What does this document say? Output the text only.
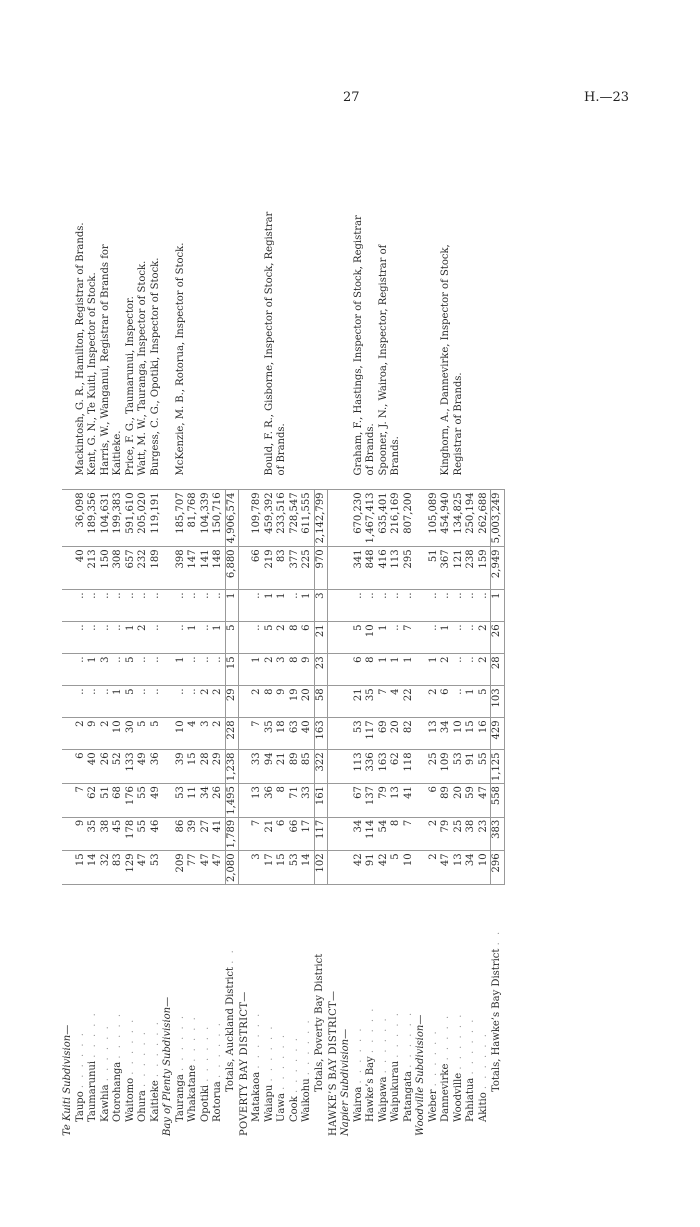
27	H.—23
Te Kuiti Subdivision—												
Taupo . . . . . .	15	9	7	6	2	..	..	..	..	40	36,098	Mackintosh, G. R., Hamilton, Registrar of Brands.
Taumarunui . . . . .	14	35	62	40	9	..	1	..	..	213	189,356	Kent, G. N., Te Kuiti, Inspector of Stock.
Kawhia . . . . . .	32	38	51	26	2	..	3	..	..	150	104,631	Harris, W., Wanganui, Registrar of Brands for
Otorohanga . . . . .	83	45	68	52	10	1	..	..	..	308	199,383	Kaitieke.
Waitomo . . . . . .	129	178	176	133	30	5	5	1	..	657	591,610	Price, F. G., Taumarunui, Inspector.
Ohura . . . . . .	47	55	55	49	5	..	..	2	..	232	205,020	Watt, M. W., Tauranga, Inspector of Stock.
Kaitieke . . . . . .	53	46	49	36	5	..	..	..	..	189	119,191	Burgess, C. G., Opotiki, Inspector of Stock.
Bay of Plenty Subdivision—												
Tauranga . . . . . .	209	86	53	39	10	..	1	..	..	398	185,707	McKenzie, M. B., Rotorua, Inspector of Stock.
Whakatane . . . . .	77	39	11	15	4	..	..	1	..	147	81,768	
Opotiki . . . . . .	47	27	34	28	3	2	..	..	..	141	104,339	
Rotorua . . . . . .	47	41	26	29	2	2	..	1	..	148	150,716	
Totals, Auckland District . .	2,080	1,789	1,495	1,238	228	29	15	5	1	6,880	4,906,574	
POVERTY BAY DISTRICT—												
Matakaoa . . . . . .	3	7	13	33	7	2	1	..	..	66	109,789	
Waiapu . . . . . .	17	21	36	94	35	8	2	5	1	219	459,392	Bould, F. R., Gisborne, Inspector of Stock, Registrar
Uawa . . . . . .	15	6	8	21	18	9	3	2	1	83	233,516	of Brands.
Cook . . . . . .	53	66	71	89	63	19	8	8	..	377	728,547	
Waikohu . . . . . .	14	17	33	85	40	20	9	6	1	225	611,555	
Totals, Poverty Bay District	102	117	161	322	163	58	23	21	3	970	2,142,799	
HAWKE’S BAY DISTRICT—												
Napier Subdivision—												
Wairoa . . . . . .	42	34	67	113	53	21	6	5	..	341	670,230	Graham, F., Hastings, Inspector of Stock, Registrar
Hawke’s Bay . . . . .	91	114	137	336	117	35	8	10	..	848	1,467,413	of Brands.
Waipawa . . . . . .	42	54	79	163	69	7	1	1	..	416	635,401	Spooner, J. N., Wairoa, Inspector, Registrar of
Waipukurau . . . . .	5	8	13	62	20	4	1	..	..	113	216,169	Brands.
Patangata . . . . . .	10	7	41	118	82	22	1	7	..	295	807,200	
Woodville Subdivision—												
Weber . . . . . .	2	2	6	25	13	2	1	..	..	51	105,089	
Dannevirke . . . . .	47	79	89	109	34	6	2	1	..	367	454,940	Kinghorn, A., Dannevirke, Inspector of Stock,
Woodville . . . . . .	13	25	20	53	10	..	..	..	..	121	134,825	Registrar of Brands.
Pahiatua . . . . . .	34	38	59	91	15	1	..	..	..	238	250,194	
Akitio . . . . . .	10	23	47	55	16	5	2	2	..	159	262,688	
Totals, Hawke’s Bay District . .	296	383	558	1,125	429	103	28	26	1	2,949	5,003,249	
